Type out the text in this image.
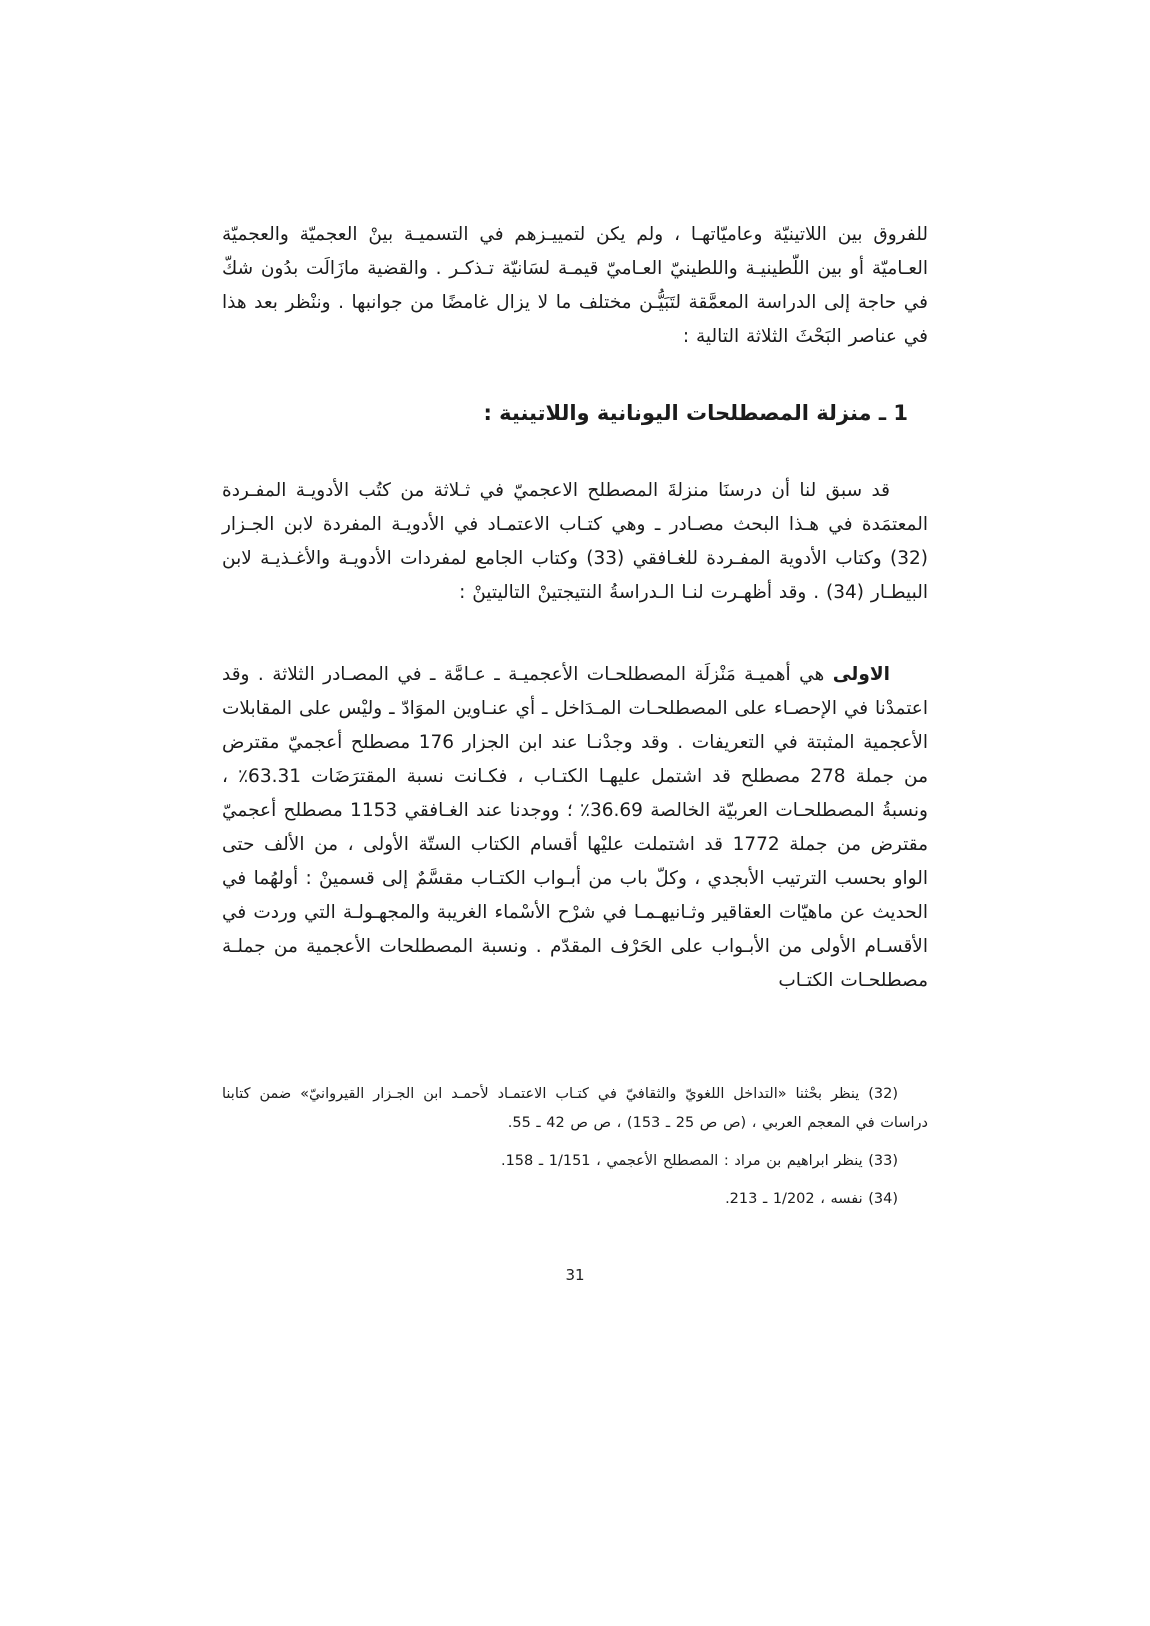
للفروق بين اللاتينيّة وعاميّاتهـا ، ولم يكن لتمييـزهم في التسميـة بينْ العجميّة والعجميّة العـاميّة أو بين اللّطينيـة واللطينيّ العـاميّ قيمـة لسَانيّة تـذكـر . والقضية مازَالَت بدُون شكّ في حاجة إلى الدراسة المعمَّقة لتَبَيُّـن مختلف ما لا يزال غامضًا من جوانبها . وننْظر بعد هذا في عناصر البَحْثَ الثلاثة التالية :

1 ـ منزلة المصطلحات اليونانية واللاتينية :

قد سبق لنا أن درسنَا منزلةَ المصطلح الاعجميّ في ثـلاثة من كتُب الأدويـة المفـردة المعتمَدة في هـذا البحث مصـادر ـ وهي كتـاب الاعتمـاد في الأدويـة المفردة لابن الجـزار (32) وكتاب الأدوية المفـردة للغـافقي (33) وكتاب الجامع لمفردات الأدويـة والأغـذيـة لابن البيطـار (34) . وقد أظهـرت لنـا الـدراسةُ النتيجتينْ التاليتينْ :

الاولى هي أهميـة مَنْزلَة المصطلحـات الأعجميـة ـ عـامَّة ـ في المصـادر الثلاثة . وقد اعتمدْنا في الإحصـاء على المصطلحـات المـدَاخل ـ أي عنـاوين الموَادّ ـ وليْس على المقابلات الأعجمية المثبتة في التعريفات . وقد وجدْنـا عند ابن الجزار 176 مصطلح أعجميّ مقترض من جملة 278 مصطلح قد اشتمل عليهـا الكتـاب ، فكـانت نسبة المقترَضَات 63.31٪ ، ونسبةُ المصطلحـات العربيّة الخالصة 36.69٪ ؛ ووجدنا عند الغـافقي 1153 مصطلح أعجميّ مقترض من جملة 1772 قد اشتملت عليْها أقسام الكتاب الستّة الأولى ، من الألف حتى الواو بحسب الترتيب الأبجدي ، وكلّ باب من أبـواب الكتـاب مقسَّمٌ إلى قسمينْ : أولهُما في الحديث عن ماهيّات العقاقير وثـانيهـمـا في شرْح الأسْماء الغريبة والمجهـولـة التي وردت في الأقسـام الأولى من الأبـواب على الحَرْف المقدّم . ونسبة المصطلحات الأعجمية من جملـة مصطلحـات الكتـاب

(32) ينظر بحْثنا «التداخل اللغويّ والثقافيّ في كتـاب الاعتمـاد لأحمـد ابن الجـزار القيروانيّ» ضمن كتابنا دراسات في المعجم العربي ، (ص ص 25 ـ 153) ، ص ص 42 ـ 55.

(33) ينظر ابراهيم بن مراد : المصطلح الأعجمي ، 1/151 ـ 158.

(34) نفسه ، 1/202 ـ 213.

31
